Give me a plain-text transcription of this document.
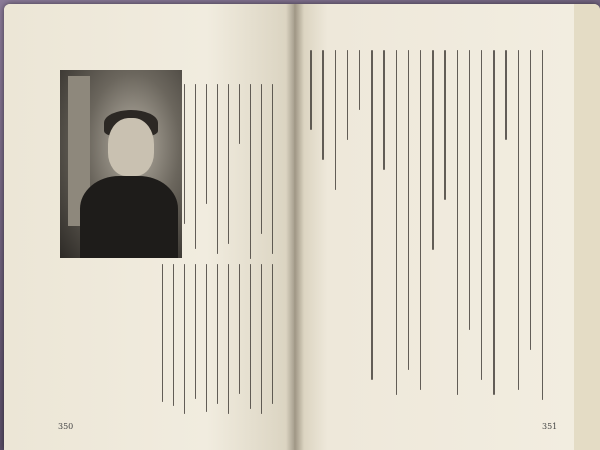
350	351
